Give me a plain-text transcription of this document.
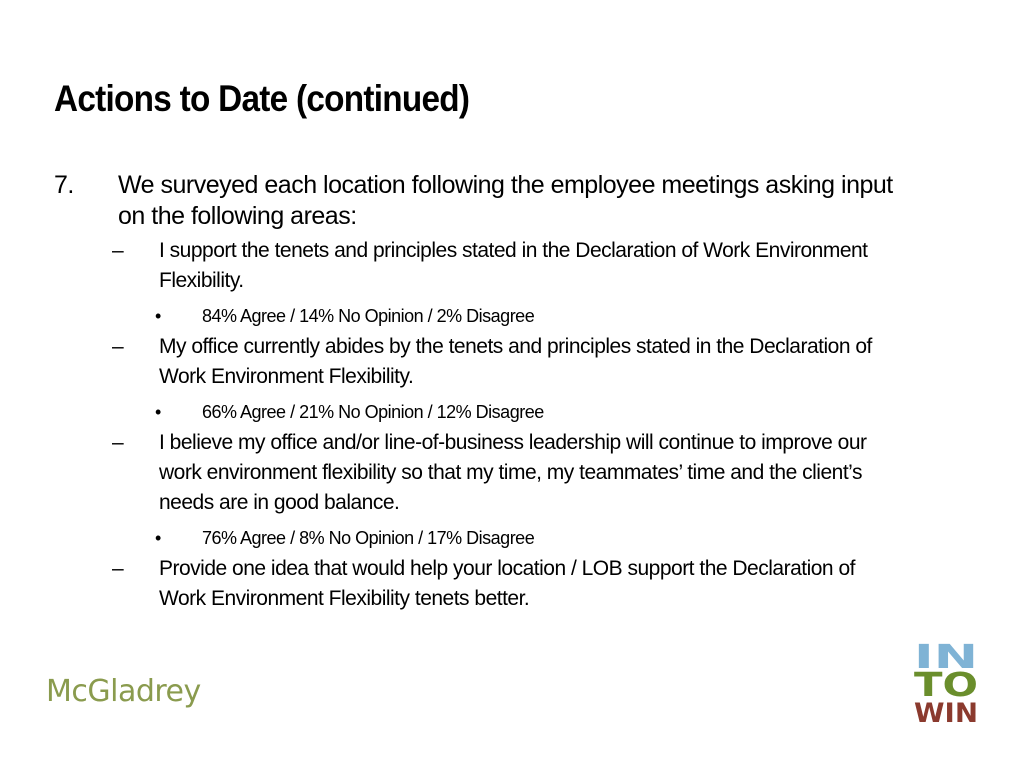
Actions to Date (continued)
7.	We surveyed each location following the employee meetings asking input on the following areas:
–	I support the tenets and principles stated in the Declaration of Work Environment Flexibility.
•	84% Agree / 14% No Opinion / 2% Disagree
–	My office currently abides by the tenets and principles stated in the Declaration of Work Environment Flexibility.
•	66% Agree / 21% No Opinion / 12% Disagree
–	I believe my office and/or line-of-business leadership will continue to improve our work environment flexibility so that my time, my teammates’ time and the client’s needs are in good balance.
•	76% Agree / 8% No Opinion / 17% Disagree
–	Provide one idea that would help your location / LOB support the Declaration of Work Environment Flexibility tenets better.
McGladrey
IN
TO
WIN
